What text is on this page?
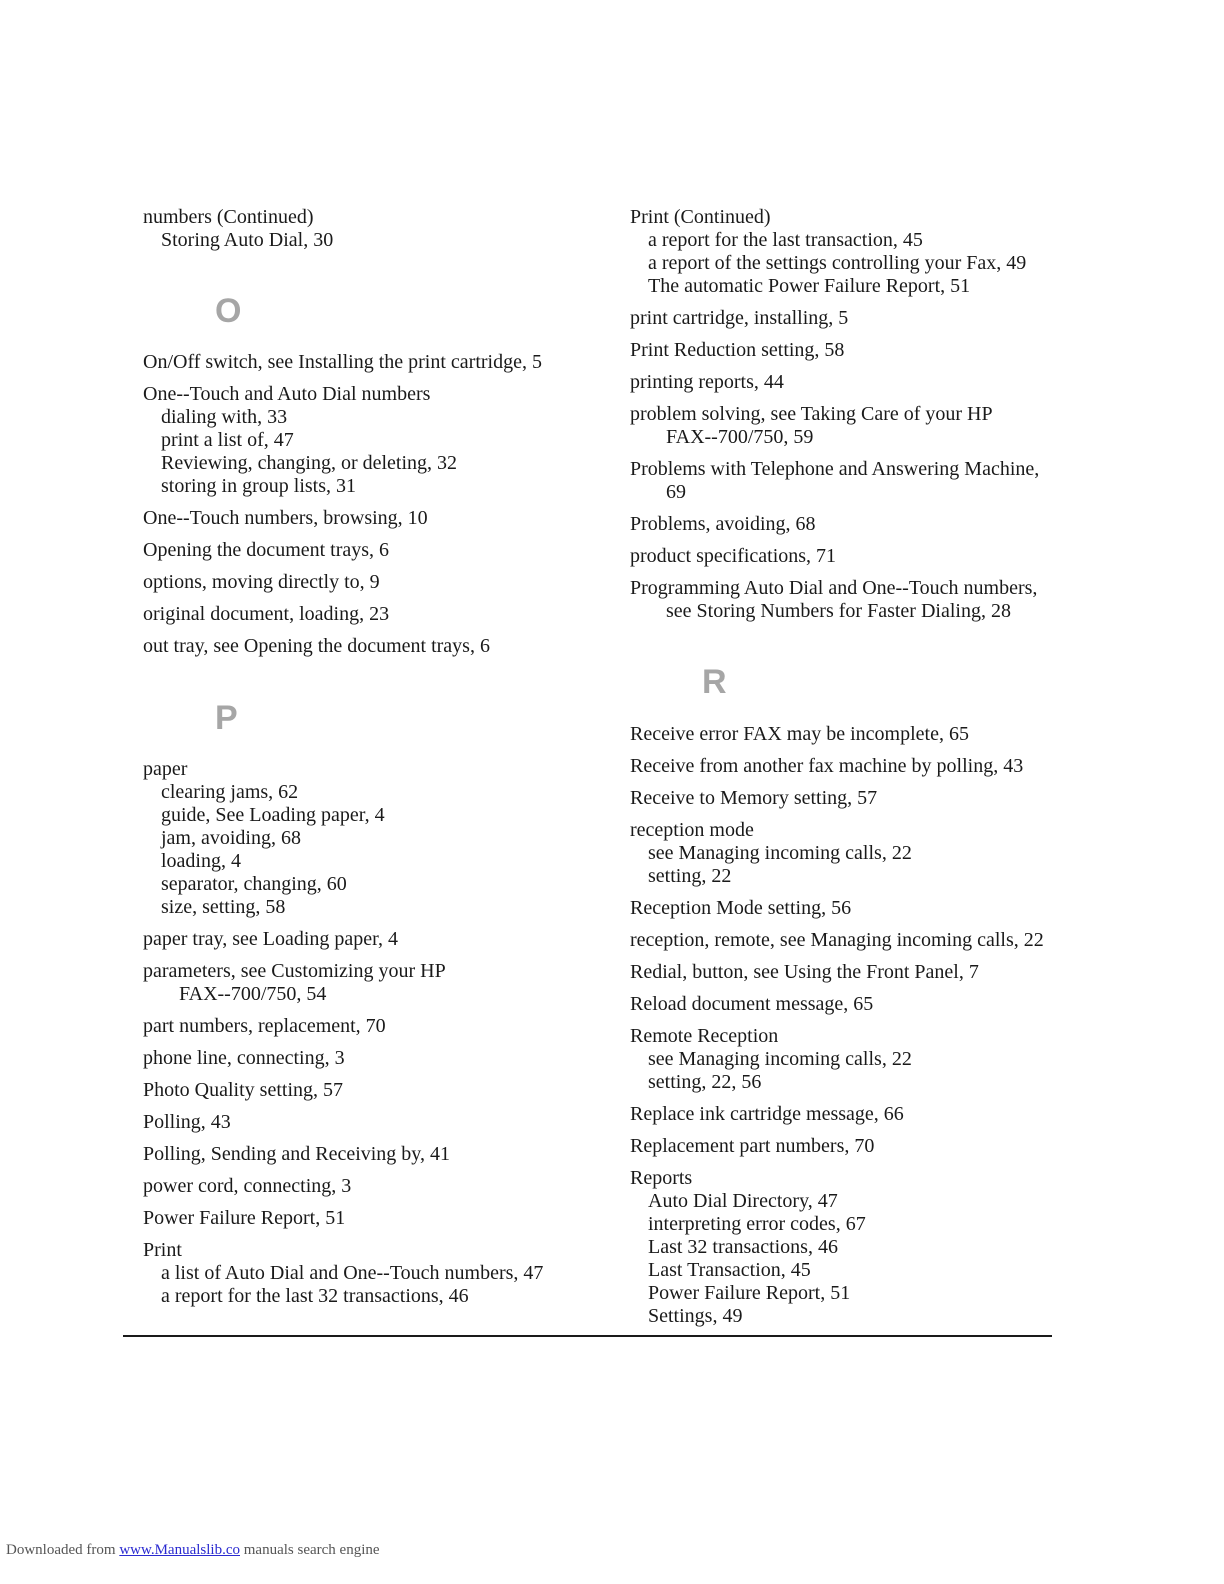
numbers (Continued)
Storing Auto Dial, 30
O
On/Off switch, see Installing the print cartridge, 5
One--Touch and Auto Dial numbers
dialing with, 33
print a list of, 47
Reviewing, changing, or deleting, 32
storing in group lists, 31
One--Touch numbers, browsing, 10
Opening the document trays, 6
options, moving directly to, 9
original document, loading, 23
out tray, see Opening the document trays, 6
P
paper
clearing jams, 62
guide, See Loading paper, 4
jam, avoiding, 68
loading, 4
separator, changing, 60
size, setting, 58
paper tray, see Loading paper, 4
parameters, see Customizing your HP
FAX--700/750, 54
part numbers, replacement, 70
phone line, connecting, 3
Photo Quality setting, 57
Polling, 43
Polling, Sending and Receiving by, 41
power cord, connecting, 3
Power Failure Report, 51
Print
a list of Auto Dial and One--Touch numbers, 47
a report for the last 32 transactions, 46
Print (Continued)
a report for the last transaction, 45
a report of the settings controlling your Fax, 49
The automatic Power Failure Report, 51
print cartridge, installing, 5
Print Reduction setting, 58
printing reports, 44
problem solving, see Taking Care of your HP
FAX--700/750, 59
Problems with Telephone and Answering Machine,
69
Problems, avoiding, 68
product specifications, 71
Programming Auto Dial and One--Touch numbers,
see Storing Numbers for Faster Dialing, 28
R
Receive error FAX may be incomplete, 65
Receive from another fax machine by polling, 43
Receive to Memory setting, 57
reception mode
see Managing incoming calls, 22
setting, 22
Reception Mode setting, 56
reception, remote, see Managing incoming calls, 22
Redial, button, see Using the Front Panel, 7
Reload document message, 65
Remote Reception
see Managing incoming calls, 22
setting, 22, 56
Replace ink cartridge message, 66
Replacement part numbers, 70
Reports
Auto Dial Directory, 47
interpreting error codes, 67
Last 32 transactions, 46
Last Transaction, 45
Power Failure Report, 51
Settings, 49
Downloaded from www.Manualslib.co manuals search engine
